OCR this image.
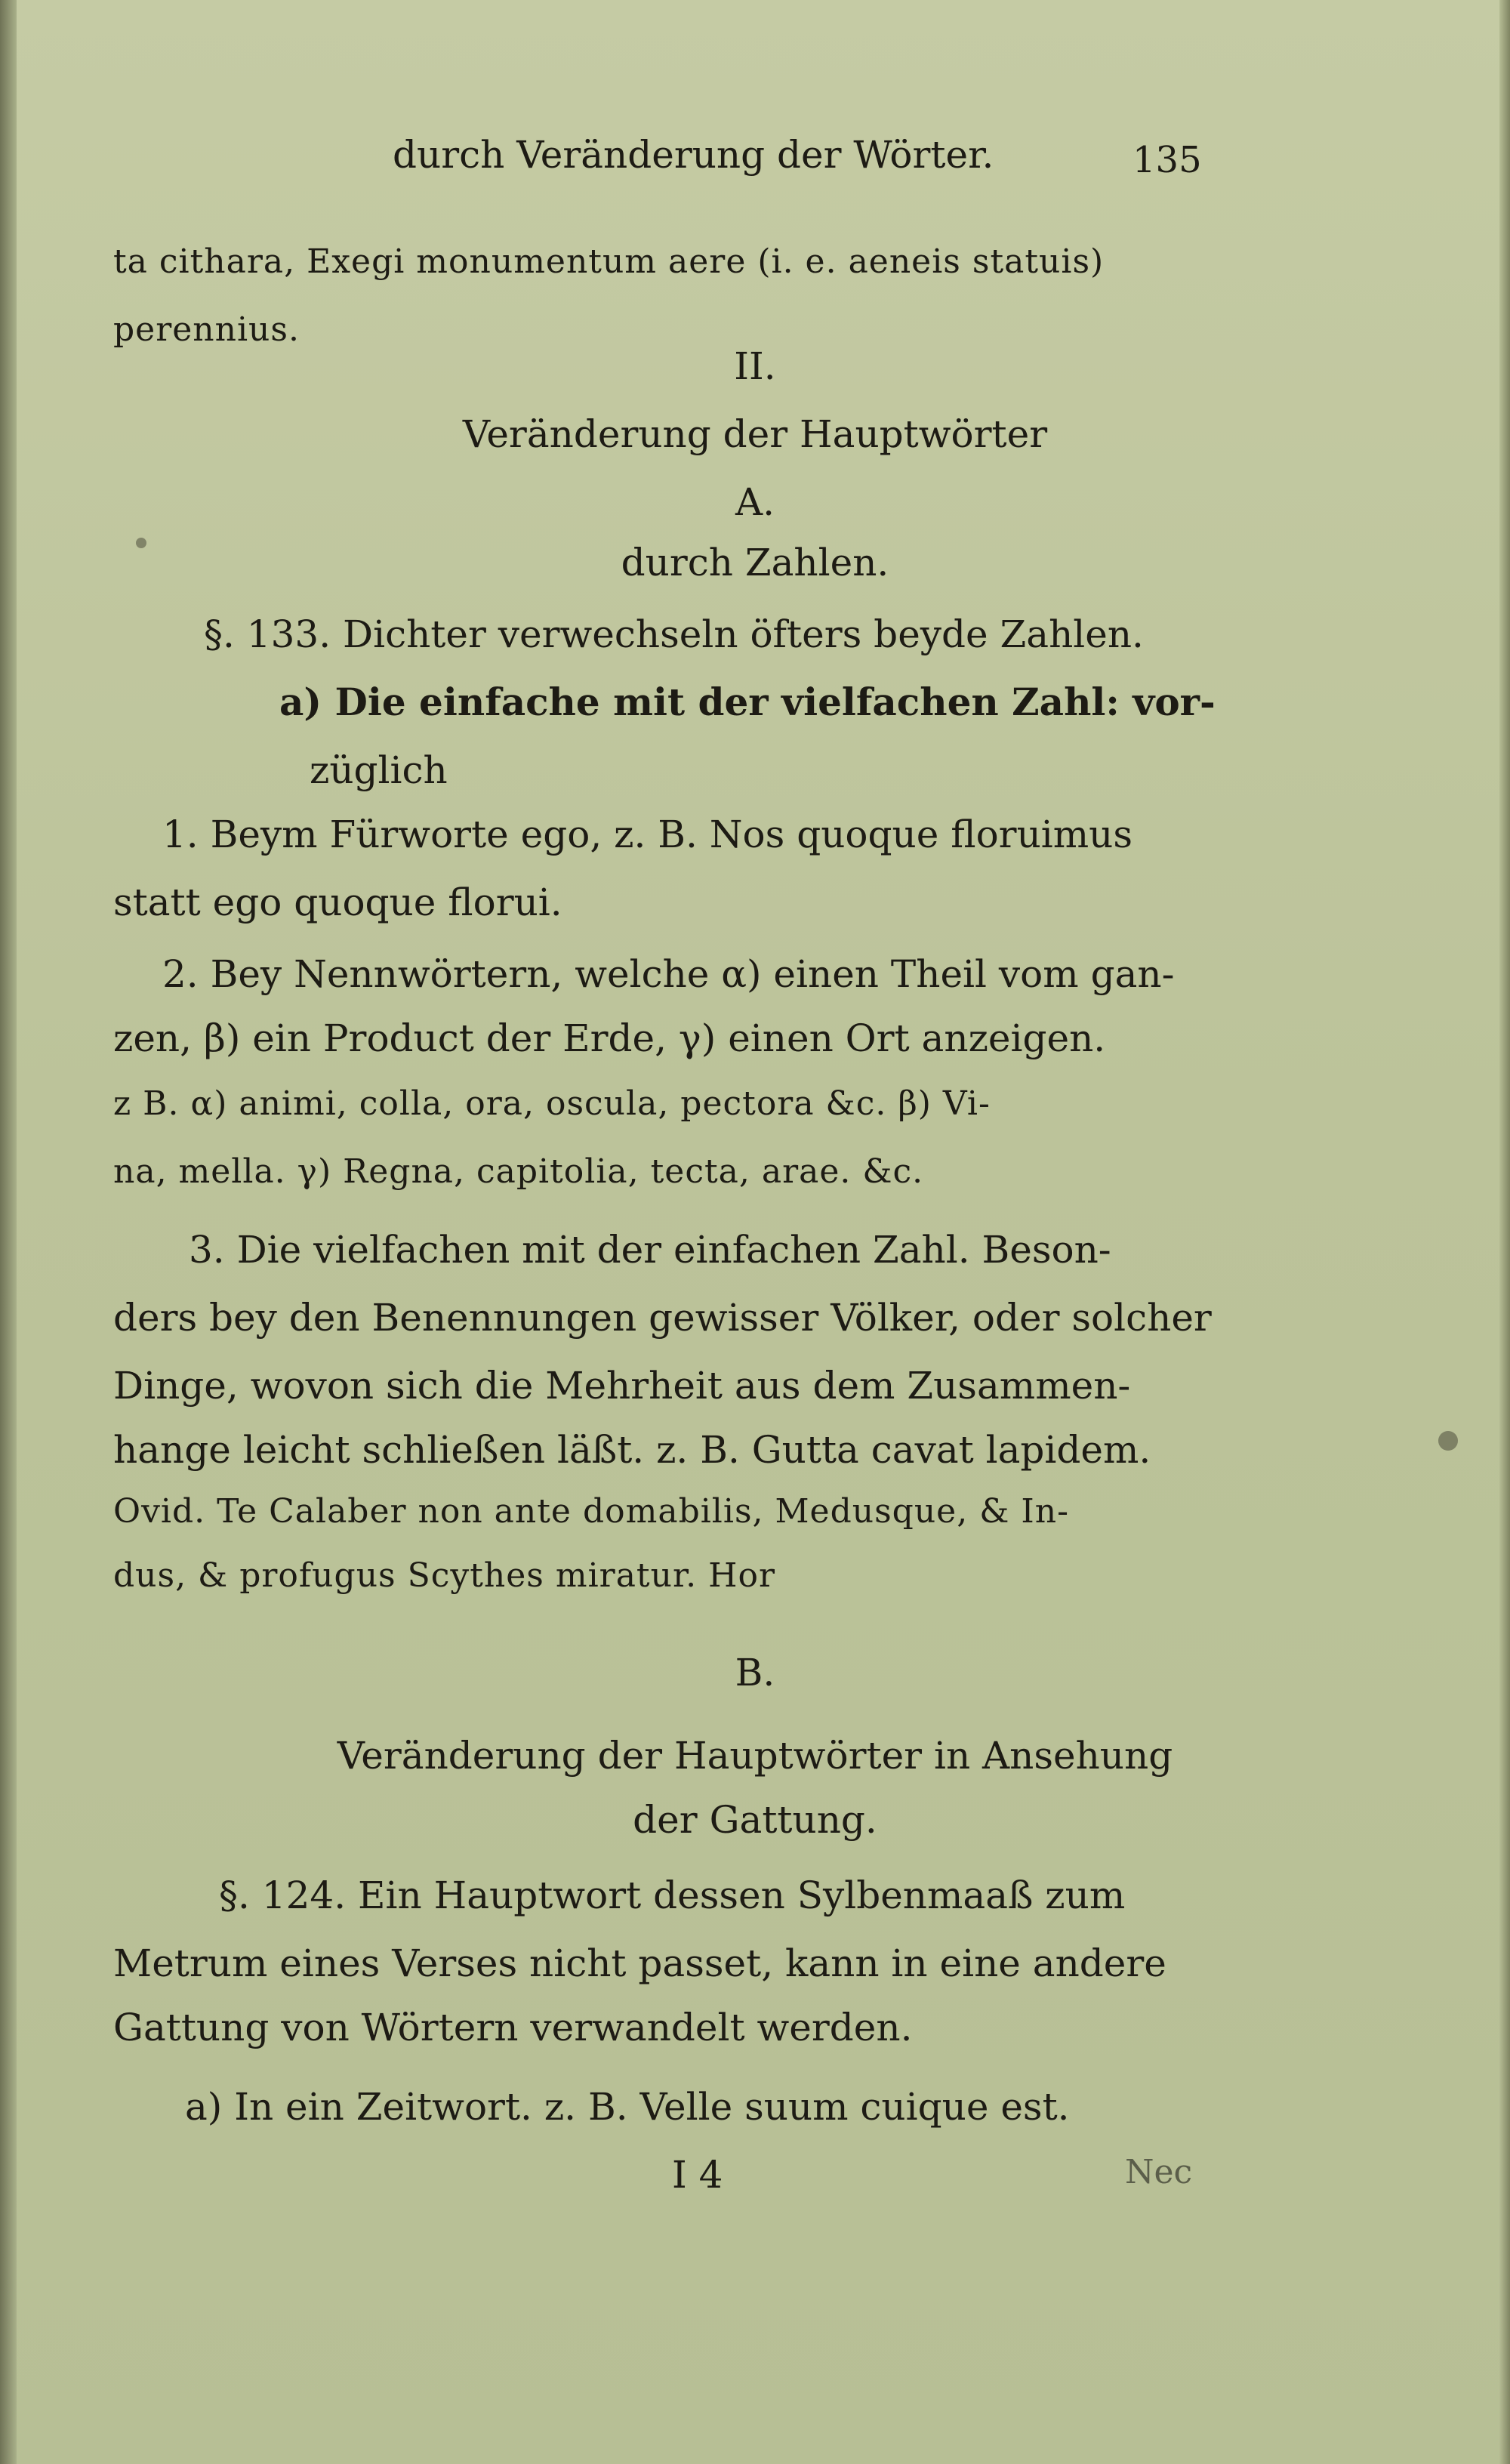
durch Veränderung der Wörter.	135
ta cithara, Exegi monumentum aere (i. e. aeneis statuis)
perennius.
II.
Veränderung der Hauptwörter
A.
durch Zahlen.
§. 133. Dichter verwechseln öfters beyde Zahlen.
a) Die einfache mit der vielfachen Zahl: vor-
züglich
1. Beym Fürworte ego, z. B. Nos quoque floruimus
statt ego quoque florui.
2. Bey Nennwörtern, welche α) einen Theil vom gan-
zen, β) ein Product der Erde, γ) einen Ort anzeigen.
z B. α) animi, colla, ora, oscula, pectora &c. β) Vi-
na, mella. γ) Regna, capitolia, tecta, arae. &c.
3. Die vielfachen mit der einfachen Zahl. Beson-
ders bey den Benennungen gewisser Völker, oder solcher
Dinge, wovon sich die Mehrheit aus dem Zusammen-
hange leicht schließen läßt. z. B. Gutta cavat lapidem.
Ovid. Te Calaber non ante domabilis, Medusque, & In-
dus, & profugus Scythes miratur. Hor
B.
Veränderung der Hauptwörter in Ansehung
der Gattung.
§. 124. Ein Hauptwort dessen Sylbenmaaß zum
Metrum eines Verses nicht passet, kann in eine andere
Gattung von Wörtern verwandelt werden.
a) In ein Zeitwort. z. B. Velle suum cuique est.
I 4	Nec
